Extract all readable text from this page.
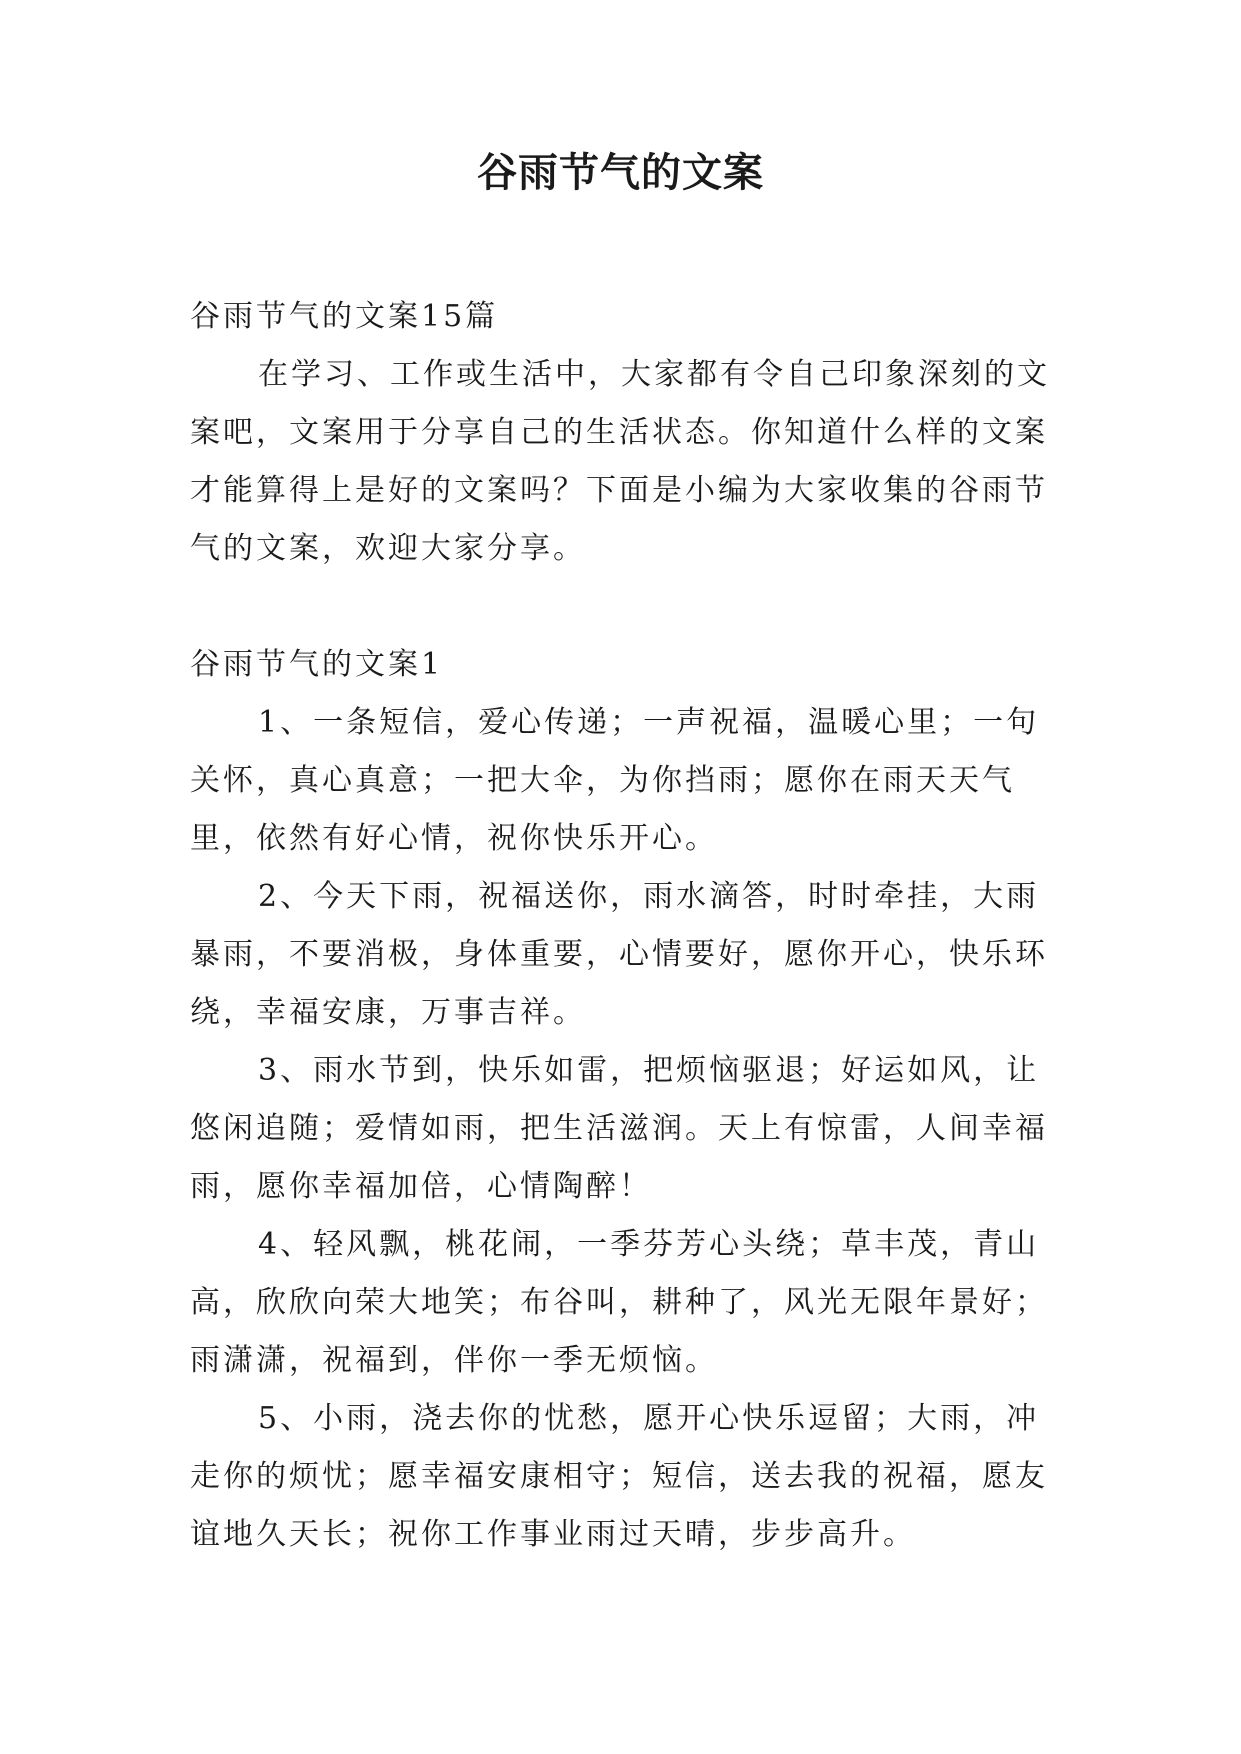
谷雨节气的文案

谷雨节气的文案15篇

在学习、工作或生活中，大家都有令自己印象深刻的文案吧，文案用于分享自己的生活状态。你知道什么样的文案才能算得上是好的文案吗？下面是小编为大家收集的谷雨节气的文案，欢迎大家分享。

谷雨节气的文案1

1、一条短信，爱心传递；一声祝福，温暖心里；一句关怀，真心真意；一把大伞，为你挡雨；愿你在雨天天气里，依然有好心情，祝你快乐开心。

2、今天下雨，祝福送你，雨水滴答，时时牵挂，大雨暴雨，不要消极，身体重要，心情要好，愿你开心，快乐环绕，幸福安康，万事吉祥。

3、雨水节到，快乐如雷，把烦恼驱退；好运如风，让悠闲追随；爱情如雨，把生活滋润。天上有惊雷，人间幸福雨，愿你幸福加倍，心情陶醉！

4、轻风飘，桃花闹，一季芬芳心头绕；草丰茂，青山高，欣欣向荣大地笑；布谷叫，耕种了，风光无限年景好；雨潇潇，祝福到，伴你一季无烦恼。

5、小雨，浇去你的忧愁，愿开心快乐逗留；大雨，冲走你的烦忧；愿幸福安康相守；短信，送去我的祝福，愿友谊地久天长；祝你工作事业雨过天晴，步步高升。
